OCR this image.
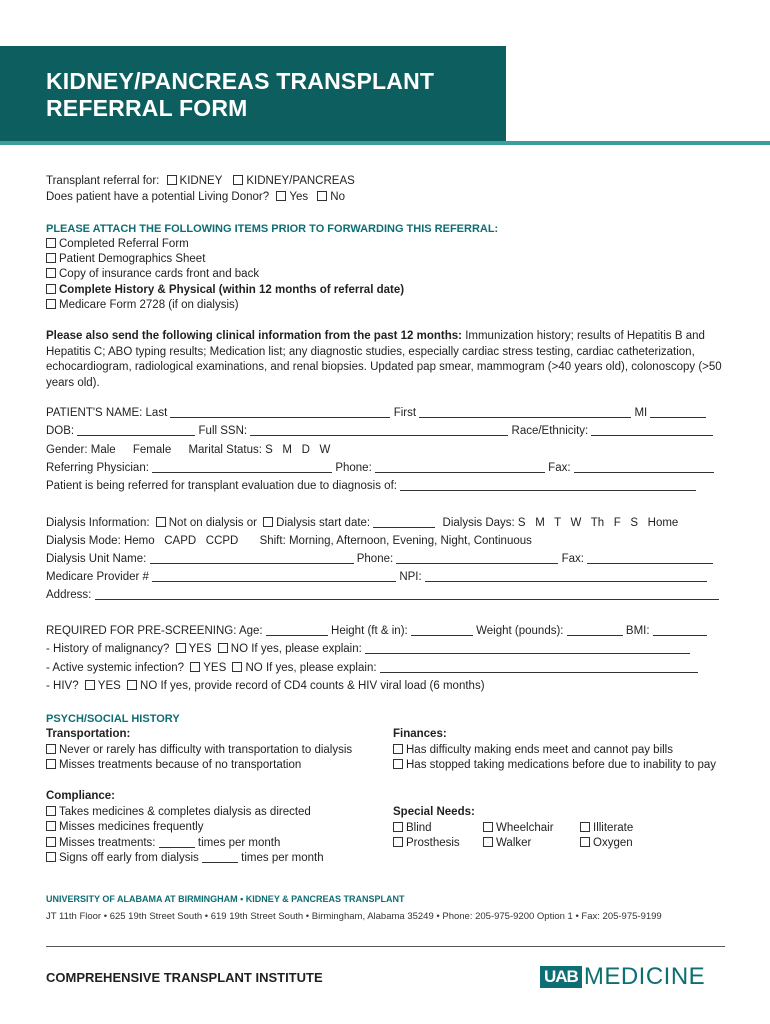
KIDNEY/PANCREAS TRANSPLANT
REFERRAL FORM
Transplant referral for: KIDNEY KIDNEY/PANCREAS
Does patient have a potential Living Donor? Yes No
PLEASE ATTACH THE FOLLOWING ITEMS PRIOR TO FORWARDING THIS REFERRAL:
Completed Referral Form
Patient Demographics Sheet
Copy of insurance cards front and back
Complete History & Physical (within 12 months of referral date)
Medicare Form 2728 (if on dialysis)
Please also send the following clinical information from the past 12 months: Immunization history; results of Hepatitis B and Hepatitis C; ABO typing results; Medication list; any diagnostic studies, especially cardiac stress testing, cardiac catheterization, echocardiogram, radiological examinations, and renal biopsies. Updated pap smear, mammogram (>40 years old), colonoscopy (>50 years old).
PATIENT'S NAME: Last	First	MI
DOB:	Full SSN:	Race/Ethnicity:
Gender: Male Female Marital Status: S   M   D   W
Referring Physician:	Phone:	Fax:
Patient is being referred for transplant evaluation due to diagnosis of:
Dialysis Information: Not on dialysis or Dialysis start date:	Dialysis Days: S   M   T   W   Th   F   S   Home
Dialysis Mode: Hemo   CAPD   CCPD Shift: Morning, Afternoon, Evening, Night, Continuous
Dialysis Unit Name:	Phone:	Fax:
Medicare Provider #	NPI:
Address:
REQUIRED FOR PRE-SCREENING: Age:	Height (ft & in):	Weight (pounds):	BMI:
- History of malignancy? YES NO If yes, please explain:
- Active systemic infection? YES NO If yes, please explain:
- HIV? YES NO If yes, provide record of CD4 counts & HIV viral load (6 months)
PSYCH/SOCIAL HISTORY
Transportation:
Never or rarely has difficulty with transportation to dialysis
Misses treatments because of no transportation
Finances:
Has difficulty making ends meet and cannot pay bills
Has stopped taking medications before due to inability to pay
Compliance:
Takes medicines & completes dialysis as directed
Misses medicines frequently
Misses treatments:	times per month
Signs off early from dialysis	times per month
Special Needs:
Blind	Wheelchair	Illiterate
Prosthesis	Walker	Oxygen
UNIVERSITY OF ALABAMA AT BIRMINGHAM • KIDNEY & PANCREAS TRANSPLANT
JT 11th Floor • 625 19th Street South • 619 19th Street South • Birmingham, Alabama 35249 • Phone: 205-975-9200 Option 1 • Fax: 205-975-9199
COMPREHENSIVE TRANSPLANT INSTITUTE	UAB MEDICINE
